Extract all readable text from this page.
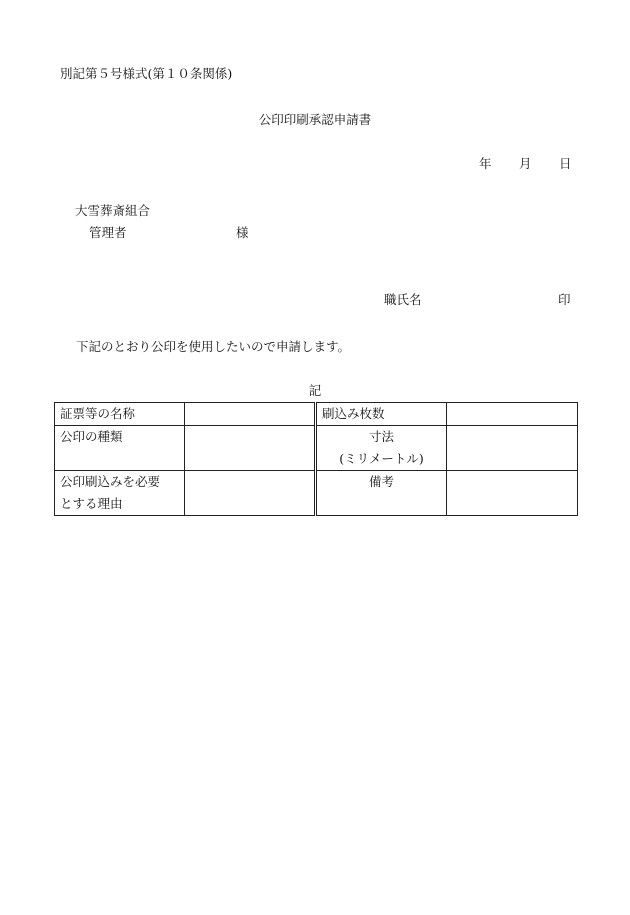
別記第５号様式(第１０条関係)
公印印刷承認申請書
年 月 日
大雪葬斎組合
管理者	様
職氏名	印
下記のとおり公印を使用したいので申請します。
記
証票等の名称		刷込み枚数	
公印の種類		寸法
(ミリメートル)	

公印刷込みを必要
とする理由		備考	
